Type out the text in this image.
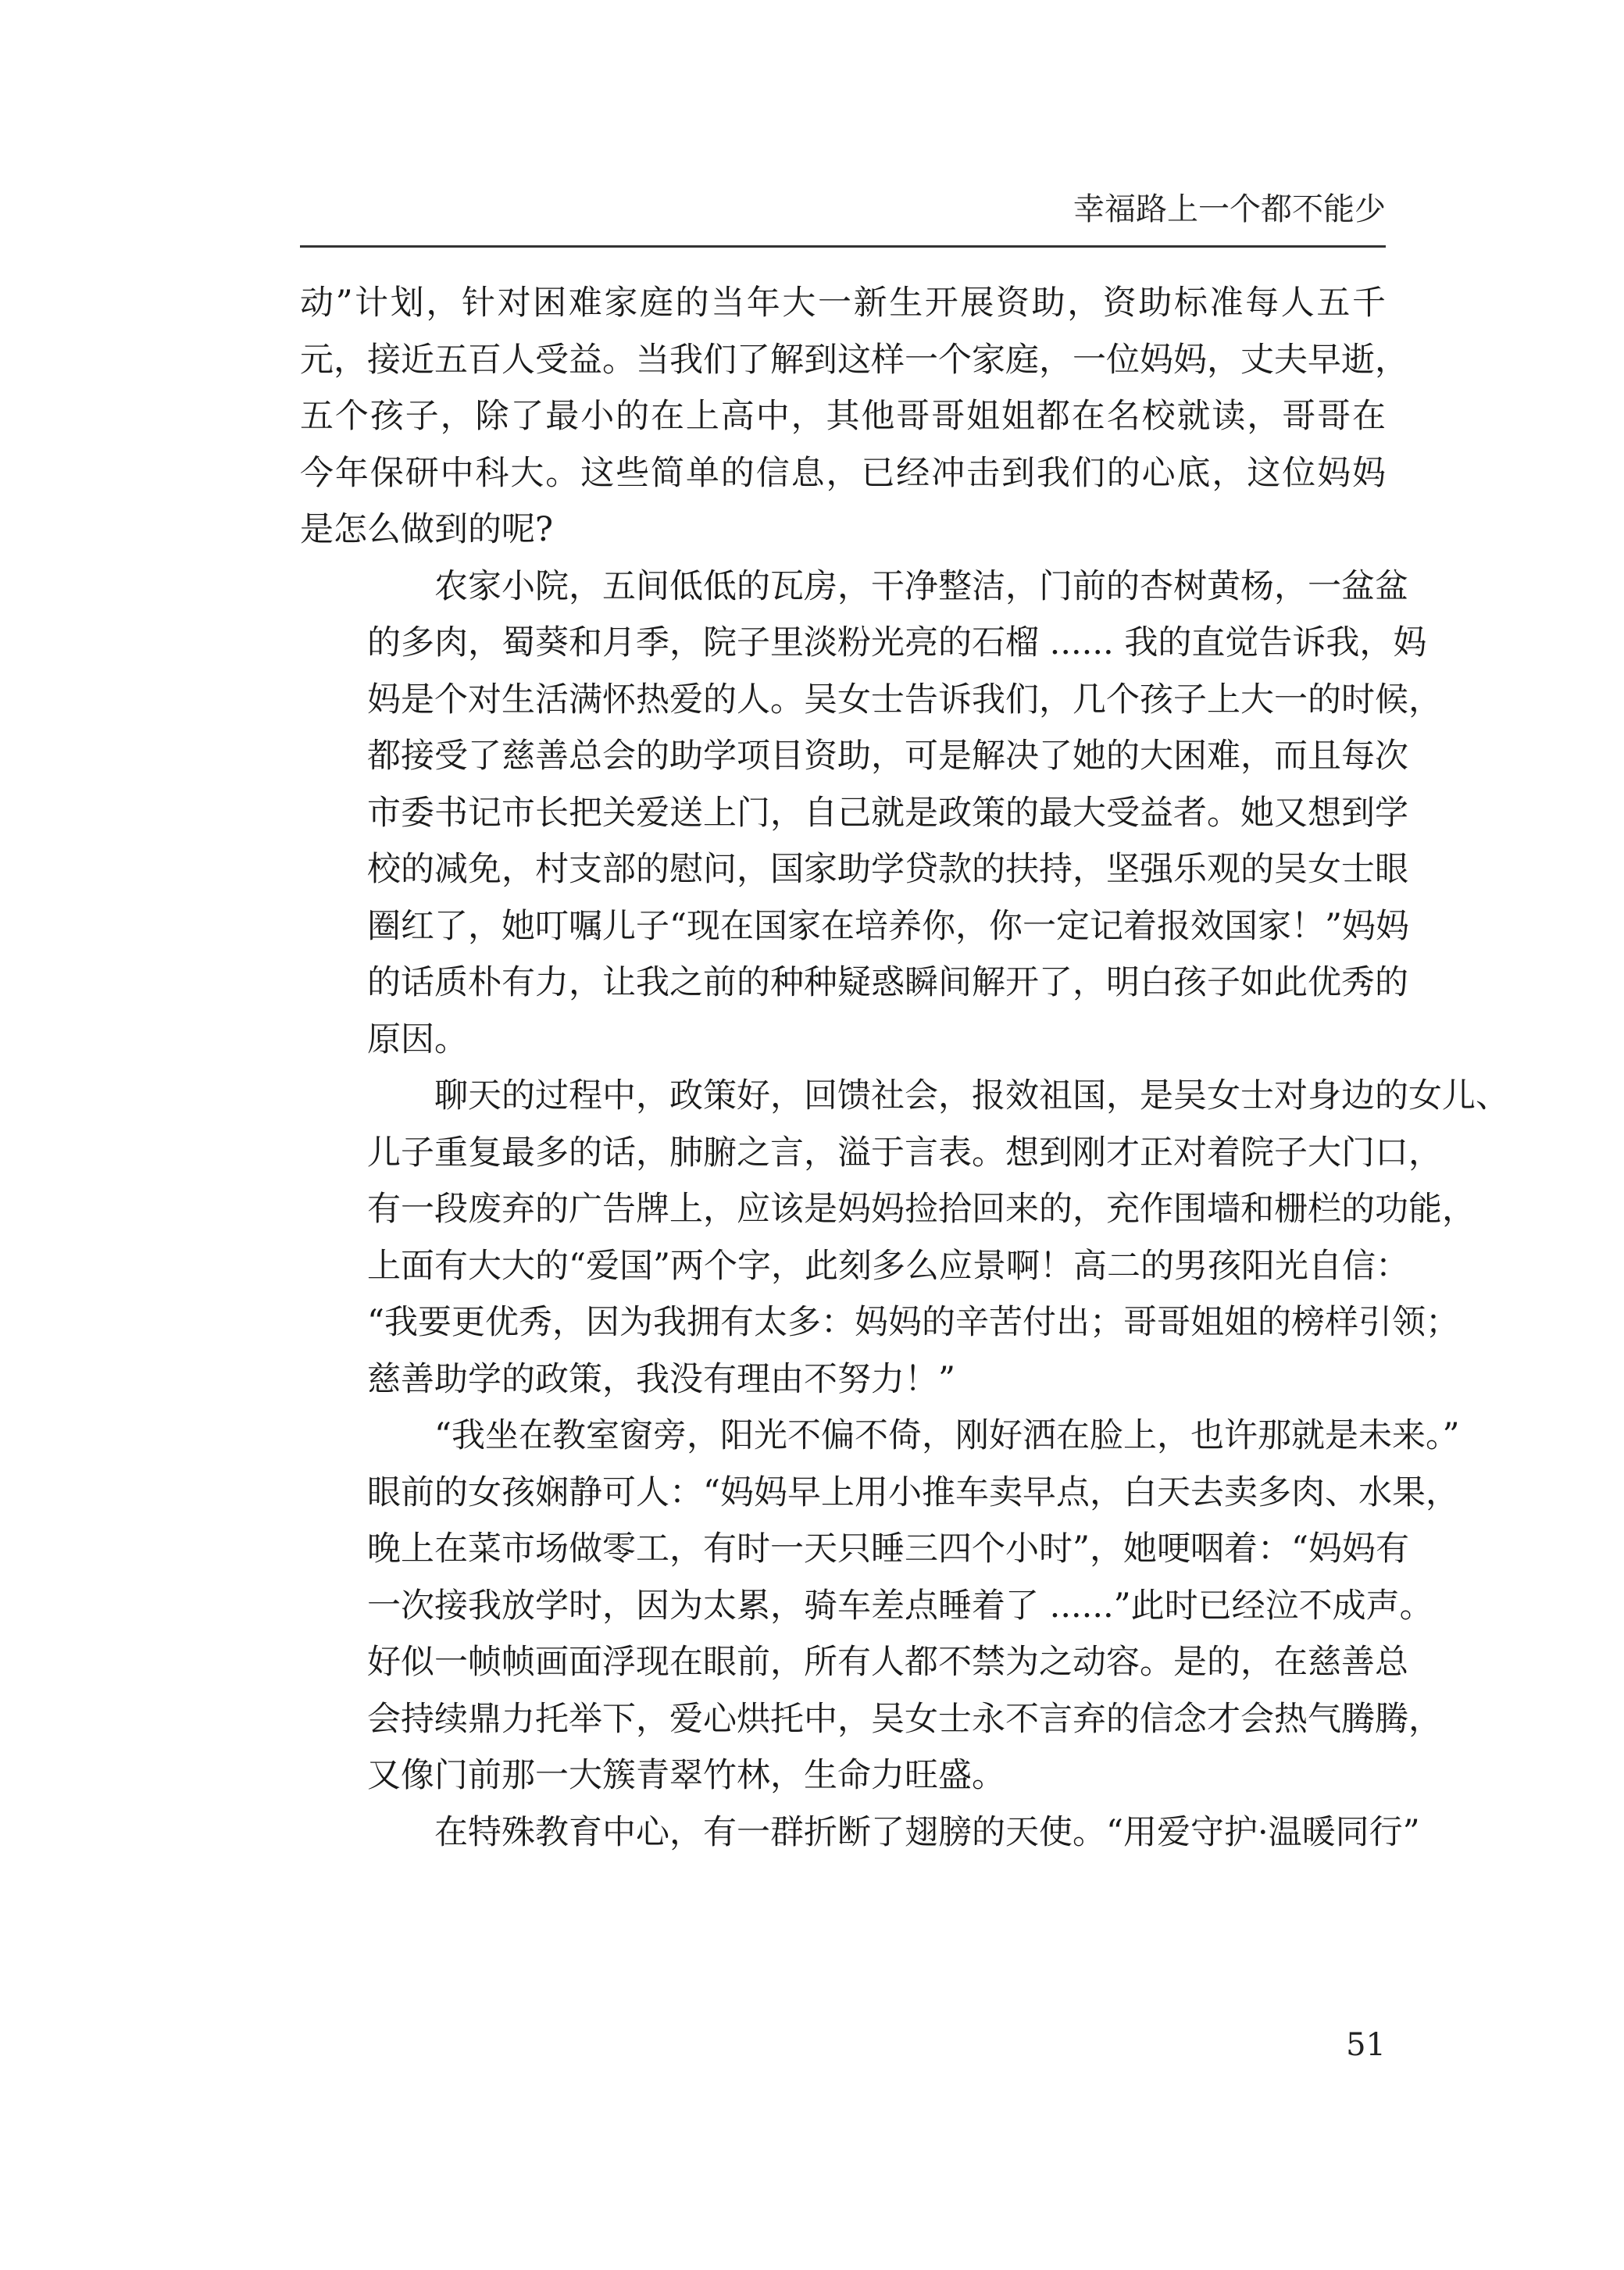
幸福路上一个都不能少
动”计划，针对困难家庭的当年大一新生开展资助，资助标准每人五千
元，接近五百人受益。当我们了解到这样一个家庭，一位妈妈，丈夫早逝，
五个孩子，除了最小的在上高中，其他哥哥姐姐都在名校就读，哥哥在
今年保研中科大。这些简单的信息，已经冲击到我们的心底，这位妈妈
是怎么做到的呢?
农家小院，五间低低的瓦房，干净整洁，门前的杏树黄杨，一盆盆
的多肉，蜀葵和月季，院子里淡粉光亮的石榴 ...... 我的直觉告诉我，妈
妈是个对生活满怀热爱的人。吴女士告诉我们，几个孩子上大一的时候，
都接受了慈善总会的助学项目资助，可是解决了她的大困难，而且每次
市委书记市长把关爱送上门，自己就是政策的最大受益者。她又想到学
校的减免，村支部的慰问，国家助学贷款的扶持，坚强乐观的吴女士眼
圈红了，她叮嘱儿子“现在国家在培养你，你一定记着报效国家！”妈妈
的话质朴有力，让我之前的种种疑惑瞬间解开了，明白孩子如此优秀的
原因。
聊天的过程中，政策好，回馈社会，报效祖国，是吴女士对身边的女儿、
儿子重复最多的话，肺腑之言，溢于言表。想到刚才正对着院子大门口，
有一段废弃的广告牌上，应该是妈妈捡拾回来的，充作围墙和栅栏的功能，
上面有大大的“爱国”两个字，此刻多么应景啊！高二的男孩阳光自信：
“我要更优秀，因为我拥有太多：妈妈的辛苦付出；哥哥姐姐的榜样引领；
慈善助学的政策，我没有理由不努力！”
“我坐在教室窗旁，阳光不偏不倚，刚好洒在脸上，也许那就是未来。”
眼前的女孩娴静可人：“妈妈早上用小推车卖早点，白天去卖多肉、水果，
晚上在菜市场做零工，有时一天只睡三四个小时”，她哽咽着：“妈妈有
一次接我放学时，因为太累，骑车差点睡着了 ......”此时已经泣不成声。
好似一帧帧画面浮现在眼前，所有人都不禁为之动容。是的，在慈善总
会持续鼎力托举下，爱心烘托中，吴女士永不言弃的信念才会热气腾腾，
又像门前那一大簇青翠竹林，生命力旺盛。
在特殊教育中心，有一群折断了翅膀的天使。“用爱守护·温暖同行”
51
